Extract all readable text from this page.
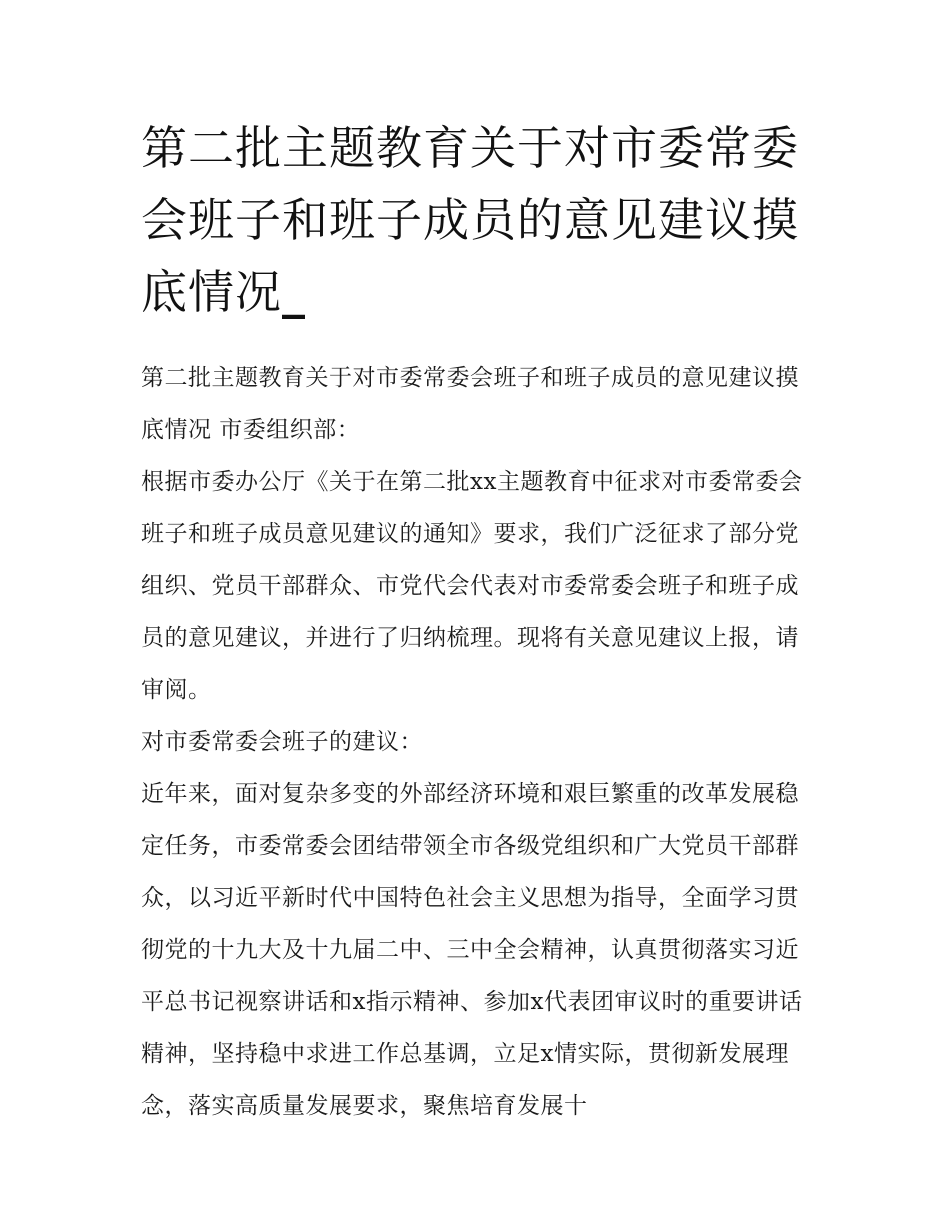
第二批主题教育关于对市委常委会班子和班子成员的意见建议摸底情况_

第二批主题教育关于对市委常委会班子和班子成员的意见建议摸底情况 市委组织部：

根据市委办公厅《关于在第二批xx主题教育中征求对市委常委会班子和班子成员意见建议的通知》要求，我们广泛征求了部分党组织、党员干部群众、市党代会代表对市委常委会班子和班子成员的意见建议，并进行了归纳梳理。现将有关意见建议上报，请审阅。

对市委常委会班子的建议：

近年来，面对复杂多变的外部经济环境和艰巨繁重的改革发展稳定任务，市委常委会团结带领全市各级党组织和广大党员干部群众，以习近平新时代中国特色社会主义思想为指导，全面学习贯彻党的十九大及十九届二中、三中全会精神，认真贯彻落实习近平总书记视察讲话和x指示精神、参加x代表团审议时的重要讲话精神，坚持稳中求进工作总基调，立足x情实际，贯彻新发展理念，落实高质量发展要求，聚焦培育发展十
